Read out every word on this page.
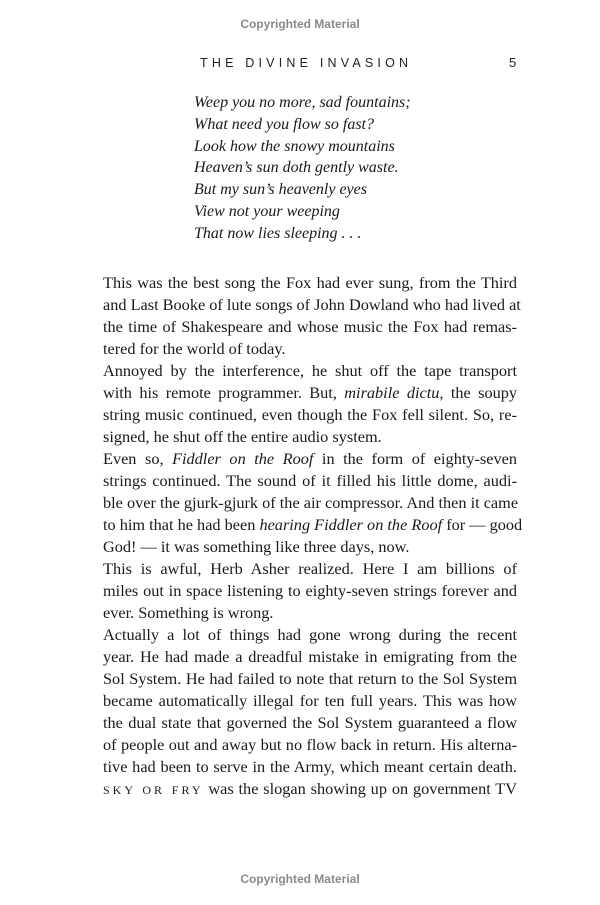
Copyrighted Material
THE DIVINE INVASION	5
Weep you no more, sad fountains;
What need you flow so fast?
Look how the snowy mountains
Heaven’s sun doth gently waste.
But my sun’s heavenly eyes
View not your weeping
That now lies sleeping . . .
This was the best song the Fox had ever sung, from the Third
and Last Booke of lute songs of John Dowland who had lived at
the time of Shakespeare and whose music the Fox had remas-
tered for the world of today.
Annoyed by the interference, he shut off the tape transport
with his remote programmer. But, mirabile dictu, the soupy
string music continued, even though the Fox fell silent. So, re-
signed, he shut off the entire audio system.
Even so, Fiddler on the Roof in the form of eighty-seven
strings continued. The sound of it filled his little dome, audi-
ble over the gjurk-gjurk of the air compressor. And then it came
to him that he had been hearing Fiddler on the Roof for — good
God! — it was something like three days, now.
This is awful, Herb Asher realized. Here I am billions of
miles out in space listening to eighty-seven strings forever and
ever. Something is wrong.
Actually a lot of things had gone wrong during the recent
year. He had made a dreadful mistake in emigrating from the
Sol System. He had failed to note that return to the Sol System
became automatically illegal for ten full years. This was how
the dual state that governed the Sol System guaranteed a flow
of people out and away but no flow back in return. His alterna-
tive had been to serve in the Army, which meant certain death.
SKY OR FRY was the slogan showing up on government TV
Copyrighted Material
